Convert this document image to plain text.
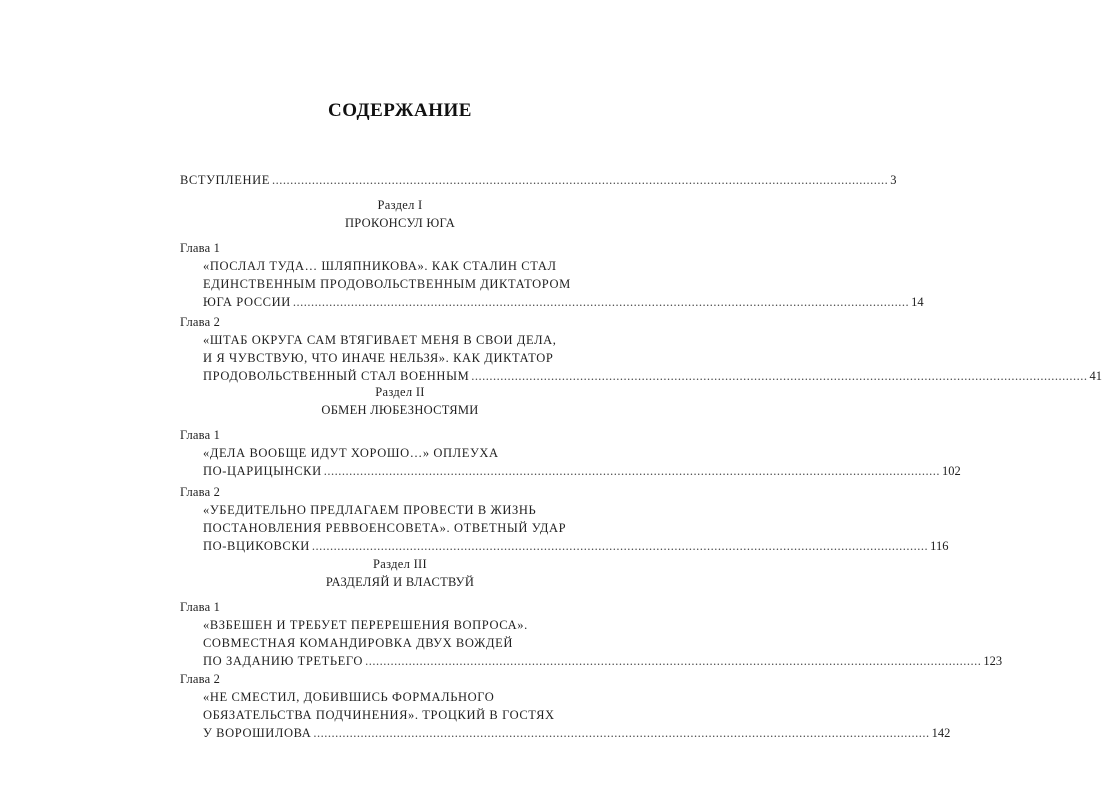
СОДЕРЖАНИЕ
ВСТУПЛЕНИЕ .......................................................................................................................................................................... 3
Раздел I
ПРОКОНСУЛ ЮГА
Глава 1
«ПОСЛАЛ ТУДА… ШЛЯПНИКОВА». КАК СТАЛИН СТАЛ
ЕДИНСТВЕННЫМ ПРОДОВОЛЬСТВЕННЫМ ДИКТАТОРОМ
ЮГА РОССИИ .......................................................................................................................................................................... 14
Глава 2
«ШТАБ ОКРУГА САМ ВТЯГИВАЕТ МЕНЯ В СВОИ ДЕЛА,
И Я ЧУВСТВУЮ, ЧТО ИНАЧЕ НЕЛЬЗЯ». КАК ДИКТАТОР
ПРОДОВОЛЬСТВЕННЫЙ СТАЛ ВОЕННЫМ .......................................................................................................................................................................... 41
Раздел II
ОБМЕН ЛЮБЕЗНОСТЯМИ
Глава 1
«ДЕЛА ВООБЩЕ ИДУТ ХОРОШО…» ОПЛЕУХА
ПО-ЦАРИЦЫНСКИ .......................................................................................................................................................................... 102
Глава 2
«УБЕДИТЕЛЬНО ПРЕДЛАГАЕМ ПРОВЕСТИ В ЖИЗНЬ
ПОСТАНОВЛЕНИЯ РЕВВОЕНСОВЕТА». ОТВЕТНЫЙ УДАР
ПО-ВЦИКОВСКИ .......................................................................................................................................................................... 116
Раздел III
РАЗДЕЛЯЙ И ВЛАСТВУЙ
Глава 1
«ВЗБЕШЕН И ТРЕБУЕТ ПЕРЕРЕШЕНИЯ ВОПРОСА».
СОВМЕСТНАЯ КОМАНДИРОВКА ДВУХ ВОЖДЕЙ
ПО ЗАДАНИЮ ТРЕТЬЕГО .......................................................................................................................................................................... 123
Глава 2
«НЕ СМЕСТИЛ, ДОБИВШИСЬ ФОРМАЛЬНОГО
ОБЯЗАТЕЛЬСТВА ПОДЧИНЕНИЯ». ТРОЦКИЙ В ГОСТЯХ
У ВОРОШИЛОВА .......................................................................................................................................................................... 142
